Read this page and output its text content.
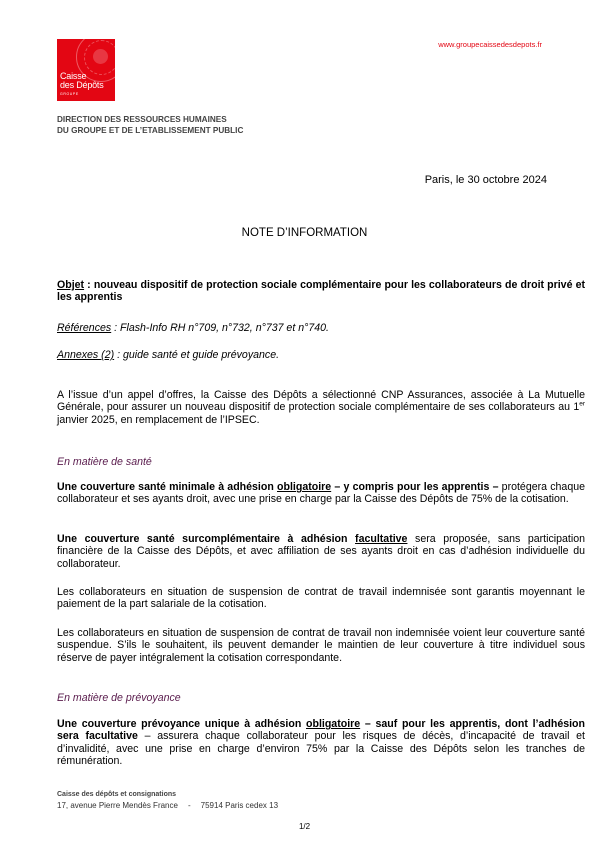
Caisse
des Dépôts
GROUPE
www.groupecaissedesdepots.fr
DIRECTION DES RESSOURCES HUMAINES
DU GROUPE ET DE L’ETABLISSEMENT PUBLIC
Paris, le 30 octobre 2024
NOTE D’INFORMATION
Objet : nouveau dispositif de protection sociale complémentaire pour les collaborateurs de droit privé et les apprentis
Références : Flash-Info RH n°709, n°732, n°737 et n°740.
Annexes (2) : guide santé et guide prévoyance.
A l’issue d’un appel d’offres, la Caisse des Dépôts a sélectionné CNP Assurances, associée à La Mutuelle Générale, pour assurer un nouveau dispositif de protection sociale complémentaire de ses collaborateurs au 1er janvier 2025, en remplacement de l’IPSEC.
En matière de santé
Une couverture santé minimale à adhésion obligatoire – y compris pour les apprentis – protégera chaque collaborateur et ses ayants droit, avec une prise en charge par la Caisse des Dépôts de 75% de la cotisation.
Une couverture santé surcomplémentaire à adhésion facultative sera proposée, sans participation financière de la Caisse des Dépôts, et avec affiliation de ses ayants droit en cas d’adhésion individuelle du collaborateur.
Les collaborateurs en situation de suspension de contrat de travail indemnisée sont garantis moyennant le paiement de la part salariale de la cotisation.
Les collaborateurs en situation de suspension de contrat de travail non indemnisée voient leur couverture santé suspendue. S’ils le souhaitent, ils peuvent demander le maintien de leur couverture à titre individuel sous réserve de payer intégralement la cotisation correspondante.
En matière de prévoyance
Une couverture prévoyance unique à adhésion obligatoire – sauf pour les apprentis, dont l’adhésion sera facultative – assurera chaque collaborateur pour les risques de décès, d’incapacité de travail et d’invalidité, avec une prise en charge d’environ 75% par la Caisse des Dépôts selon les tranches de rémunération.
Caisse des dépôts et consignations
17, avenue Pierre Mendès France - 75914 Paris cedex 13
1/2
